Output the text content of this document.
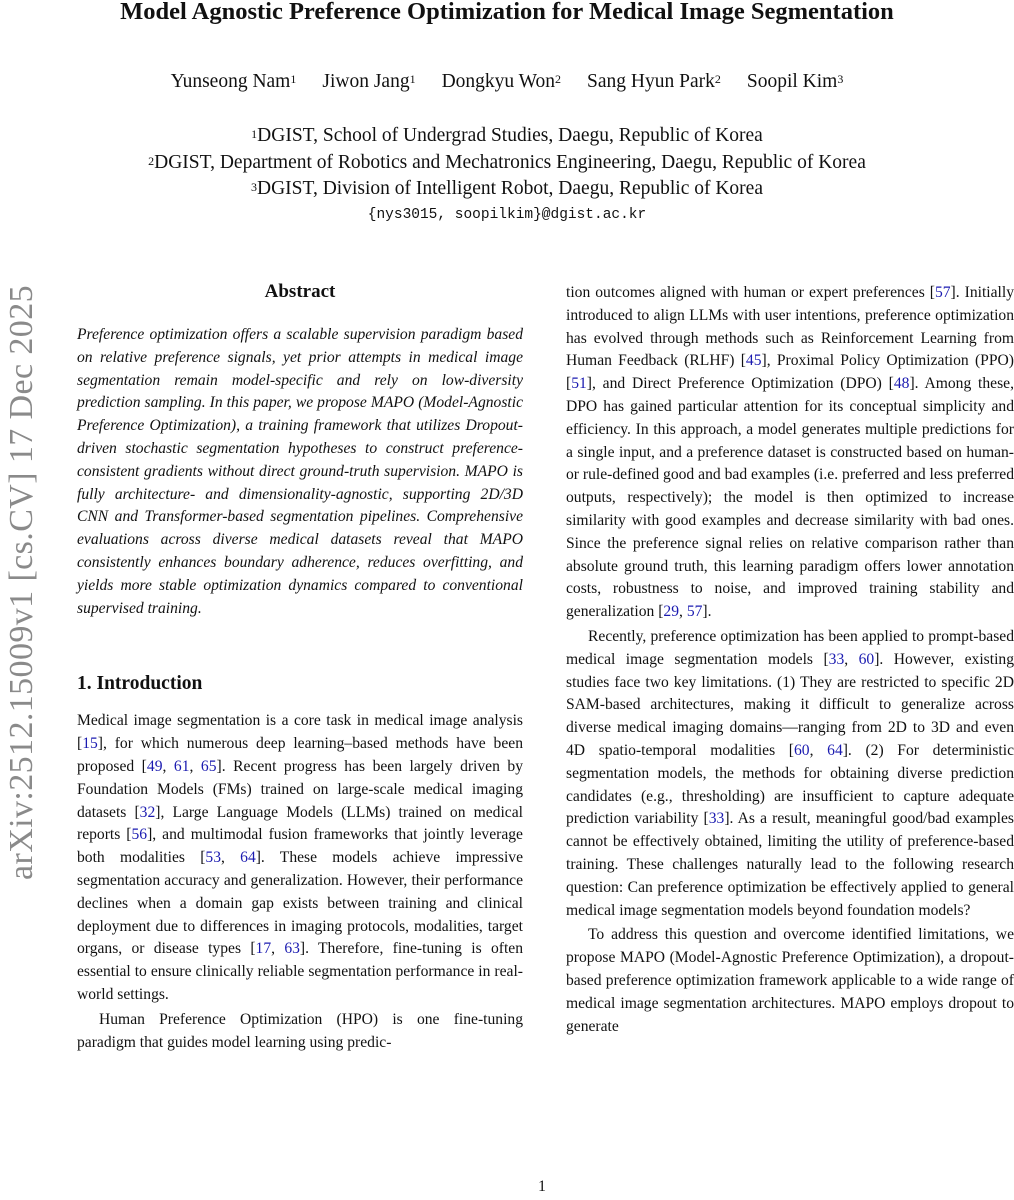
Model Agnostic Preference Optimization for Medical Image Segmentation
Yunseong Nam$^1$ Jiwon Jang$^1$ Dongkyu Won$^2$ Sang Hyun Park$^2$ Soopil Kim$^3$
$^1$DGIST, School of Undergrad Studies, Daegu, Republic of Korea
$^2$DGIST, Department of Robotics and Mechatronics Engineering, Daegu, Republic of Korea
$^3$DGIST, Division of Intelligent Robot, Daegu, Republic of Korea
{nys3015, soopilkim}@dgist.ac.kr
arXiv:2512.15009v1 [cs.CV] 17 Dec 2025	Abstract

Preference optimization offers a scalable supervision paradigm based on relative preference signals, yet prior attempts in medical image segmentation remain model-specific and rely on low-diversity prediction sampling. In this paper, we propose MAPO (Model-Agnostic Preference Optimization), a training framework that utilizes Dropout-driven stochastic segmentation hypotheses to construct preference-consistent gradients without direct ground-truth supervision. MAPO is fully architecture- and dimensionality-agnostic, supporting 2D/3D CNN and Transformer-based segmentation pipelines. Comprehensive evaluations across diverse medical datasets reveal that MAPO consistently enhances boundary adherence, reduces overfitting, and yields more stable optimization dynamics compared to conventional supervised training.

1. Introduction

Medical image segmentation is a core task in medical image analysis [15], for which numerous deep learning–based methods have been proposed [49, 61, 65]. Recent progress has been largely driven by Foundation Models (FMs) trained on large-scale medical imaging datasets [32], Large Language Models (LLMs) trained on medical reports [56], and multimodal fusion frameworks that jointly leverage both modalities [53, 64]. These models achieve impressive segmentation accuracy and generalization. However, their performance declines when a domain gap exists between training and clinical deployment due to differences in imaging protocols, modalities, target organs, or disease types [17, 63]. Therefore, fine-tuning is often essential to ensure clinically reliable segmentation performance in real-world settings.

Human Preference Optimization (HPO) is one fine-tuning paradigm that guides model learning using predic-

tion outcomes aligned with human or expert preferences [57]. Initially introduced to align LLMs with user intentions, preference optimization has evolved through methods such as Reinforcement Learning from Human Feedback (RLHF) [45], Proximal Policy Optimization (PPO) [51], and Direct Preference Optimization (DPO) [48]. Among these, DPO has gained particular attention for its conceptual simplicity and efficiency. In this approach, a model generates multiple predictions for a single input, and a preference dataset is constructed based on human- or rule-defined good and bad examples (i.e. preferred and less preferred outputs, respectively); the model is then optimized to increase similarity with good examples and decrease similarity with bad ones. Since the preference signal relies on relative comparison rather than absolute ground truth, this learning paradigm offers lower annotation costs, robustness to noise, and improved training stability and generalization [29, 57].

Recently, preference optimization has been applied to prompt-based medical image segmentation models [33, 60]. However, existing studies face two key limitations. (1) They are restricted to specific 2D SAM-based architectures, making it difficult to generalize across diverse medical imaging domains—ranging from 2D to 3D and even 4D spatio-temporal modalities [60, 64]. (2) For deterministic segmentation models, the methods for obtaining diverse prediction candidates (e.g., thresholding) are insufficient to capture adequate prediction variability [33]. As a result, meaningful good/bad examples cannot be effectively obtained, limiting the utility of preference-based training. These challenges naturally lead to the following research question: Can preference optimization be effectively applied to general medical image segmentation models beyond foundation models?

To address this question and overcome identified limitations, we propose MAPO (Model-Agnostic Preference Optimization), a dropout-based preference optimization framework applicable to a wide range of medical image segmentation architectures. MAPO employs dropout to generate

1
